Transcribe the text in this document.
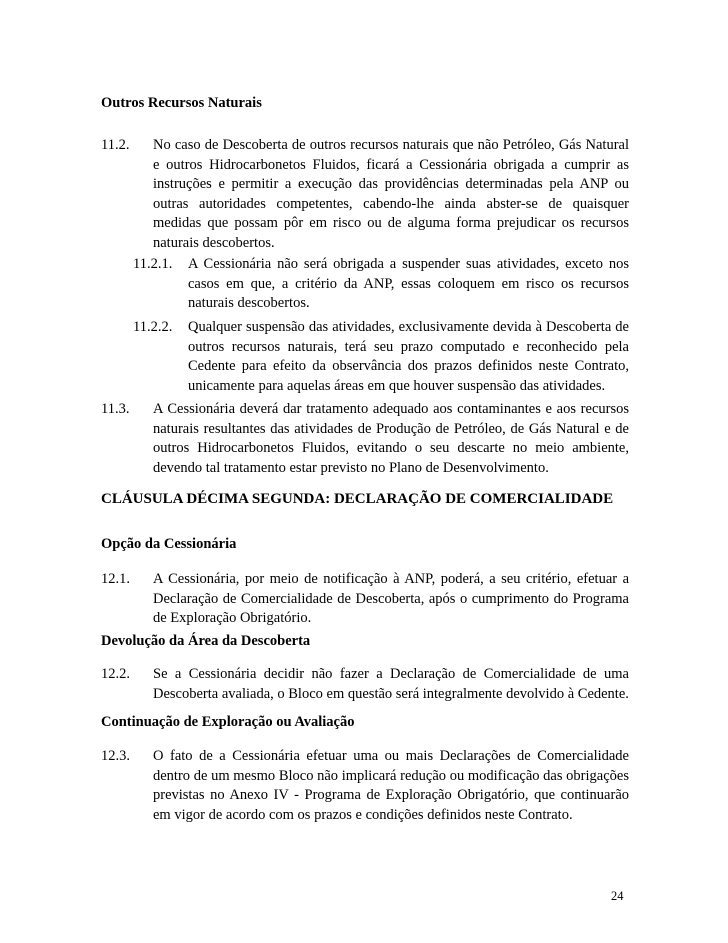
Outros Recursos Naturais
11.2. No caso de Descoberta de outros recursos naturais que não Petróleo, Gás Natural e outros Hidrocarbonetos Fluidos, ficará a Cessionária obrigada a cumprir as instruções e permitir a execução das providências determinadas pela ANP ou outras autoridades competentes, cabendo-lhe ainda abster-se de quaisquer medidas que possam pôr em risco ou de alguma forma prejudicar os recursos naturais descobertos.
11.2.1. A Cessionária não será obrigada a suspender suas atividades, exceto nos casos em que, a critério da ANP, essas coloquem em risco os recursos naturais descobertos.
11.2.2. Qualquer suspensão das atividades, exclusivamente devida à Descoberta de outros recursos naturais, terá seu prazo computado e reconhecido pela Cedente para efeito da observância dos prazos definidos neste Contrato, unicamente para aquelas áreas em que houver suspensão das atividades.
11.3. A Cessionária deverá dar tratamento adequado aos contaminantes e aos recursos naturais resultantes das atividades de Produção de Petróleo, de Gás Natural e de outros Hidrocarbonetos Fluidos, evitando o seu descarte no meio ambiente, devendo tal tratamento estar previsto no Plano de Desenvolvimento.
CLÁUSULA DÉCIMA SEGUNDA: DECLARAÇÃO DE COMERCIALIDADE
Opção da Cessionária
12.1. A Cessionária, por meio de notificação à ANP, poderá, a seu critério, efetuar a Declaração de Comercialidade de Descoberta, após o cumprimento do Programa de Exploração Obrigatório.
Devolução da Área da Descoberta
12.2. Se a Cessionária decidir não fazer a Declaração de Comercialidade de uma Descoberta avaliada, o Bloco em questão será integralmente devolvido à Cedente.
Continuação de Exploração ou Avaliação
12.3. O fato de a Cessionária efetuar uma ou mais Declarações de Comercialidade dentro de um mesmo Bloco não implicará redução ou modificação das obrigações previstas no Anexo IV - Programa de Exploração Obrigatório, que continuarão em vigor de acordo com os prazos e condições definidos neste Contrato.
24
